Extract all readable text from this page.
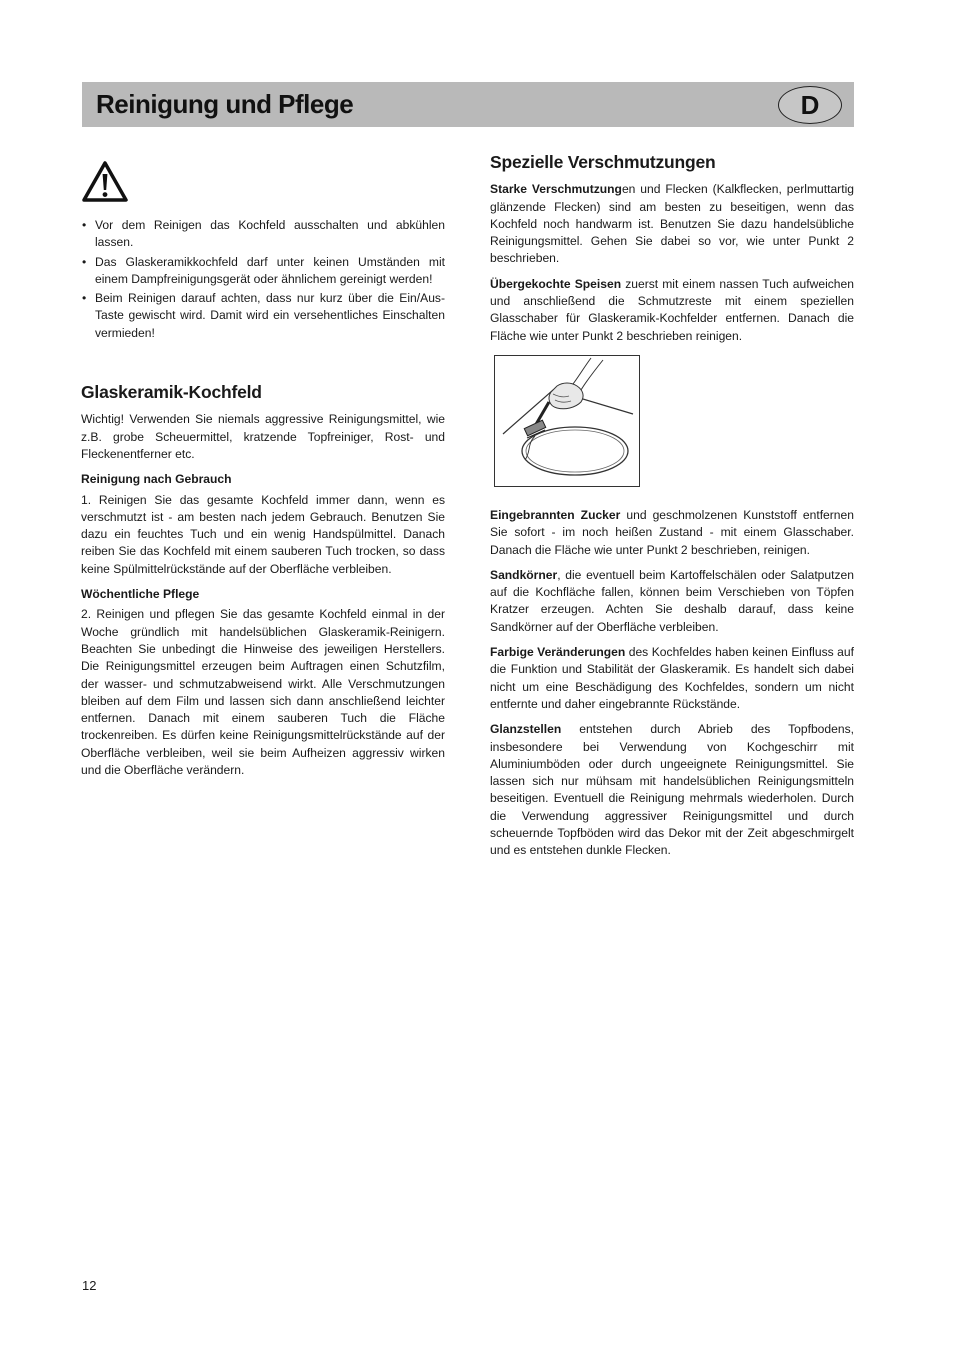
Reinigung und Pflege	D
• Vor dem Reinigen das Kochfeld ausschalten und abkühlen lassen.
• Das Glaskeramikkochfeld darf unter keinen Umständen mit einem Dampfreinigungsgerät oder ähnlichem gereinigt werden!
• Beim Reinigen darauf achten, dass nur kurz über die Ein/Aus-Taste gewischt wird. Damit wird ein versehentliches Einschalten vermieden!
Glaskeramik-Kochfeld

Wichtig! Verwenden Sie niemals aggressive Reinigungsmittel, wie z.B. grobe Scheuermittel, kratzende Topfreiniger, Rost- und Fleckenentferner etc.

Reinigung nach Gebrauch

1. Reinigen Sie das gesamte Kochfeld immer dann, wenn es verschmutzt ist - am besten nach jedem Gebrauch. Benutzen Sie dazu ein feuchtes Tuch und ein wenig Handspülmittel. Danach reiben Sie das Kochfeld mit einem sauberen Tuch trocken, so dass keine Spülmittelrückstände auf der Oberfläche verbleiben.

Wöchentliche Pflege

2. Reinigen und pflegen Sie das gesamte Kochfeld einmal in der Woche gründlich mit handelsüblichen Glaskeramik-Reinigern. Beachten Sie unbedingt die Hinweise des jeweiligen Herstellers. Die Reinigungsmittel erzeugen beim Auftragen einen Schutzfilm, der wasser- und schmutzabweisend wirkt. Alle Verschmutzungen bleiben auf dem Film und lassen sich dann anschließend leichter entfernen. Danach mit einem sauberen Tuch die Fläche trockenreiben. Es dürfen keine Reinigungsmittelrückstände auf der Oberfläche verbleiben, weil sie beim Aufheizen aggressiv wirken und die Oberfläche verändern.

Spezielle Verschmutzungen

Starke Verschmutzungen und Flecken (Kalkflecken, perlmuttartig glänzende Flecken) sind am besten zu beseitigen, wenn das Kochfeld noch handwarm ist. Benutzen Sie dazu handelsübliche Reinigungsmittel. Gehen Sie dabei so vor, wie unter Punkt 2 beschrieben.

Übergekochte Speisen zuerst mit einem nassen Tuch aufweichen und anschließend die Schmutzreste mit einem speziellen Glasschaber für Glaskeramik-Kochfelder entfernen. Danach die Fläche wie unter Punkt 2 beschrieben reinigen.

Eingebrannten Zucker und geschmolzenen Kunststoff entfernen Sie sofort - im noch heißen Zustand - mit einem Glasschaber. Danach die Fläche wie unter Punkt 2 beschrieben, reinigen.

Sandkörner, die eventuell beim Kartoffelschälen oder Salatputzen auf die Kochfläche fallen, können beim Verschieben von Töpfen Kratzer erzeugen. Achten Sie deshalb darauf, dass keine Sandkörner auf der Oberfläche verbleiben.

Farbige Veränderungen des Kochfeldes haben keinen Einfluss auf die Funktion und Stabilität der Glaskeramik. Es handelt sich dabei nicht um eine Beschädigung des Kochfeldes, sondern um nicht entfernte und daher eingebrannte Rückstände.

Glanzstellen entstehen durch Abrieb des Topfbodens, insbesondere bei Verwendung von Kochgeschirr mit Aluminiumböden oder durch ungeeignete Reinigungsmittel. Sie lassen sich nur mühsam mit handelsüblichen Reinigungsmitteln beseitigen. Eventuell die Reinigung mehrmals wiederholen. Durch die Verwendung aggressiver Reinigungsmittel und durch scheuernde Topfböden wird das Dekor mit der Zeit abgeschmirgelt und es entstehen dunkle Flecken.

12
